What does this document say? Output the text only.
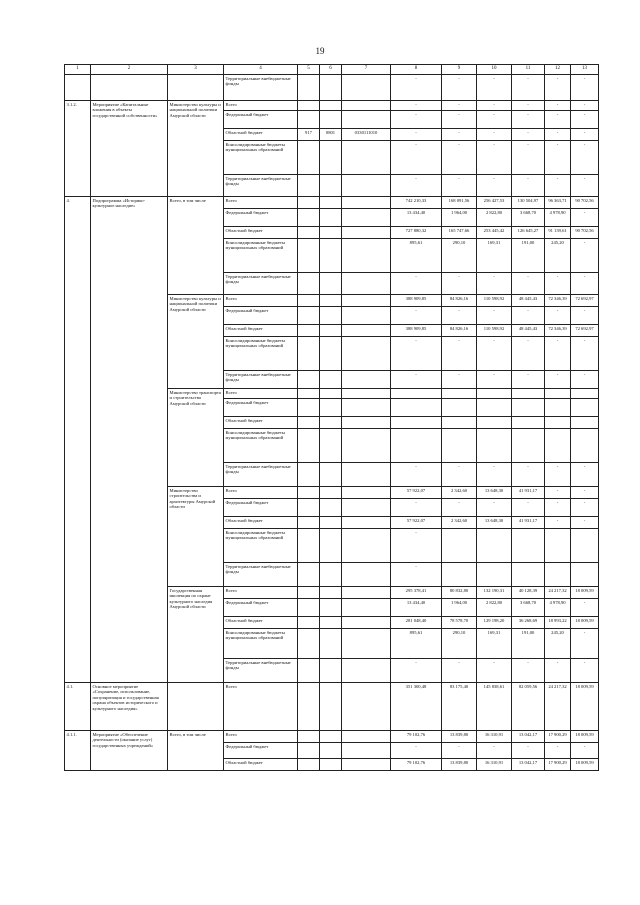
19
1	2	3	4	5	6	7	8	9	10	11	12	13
			Территориальные внебюджетные фонды				-	-	-	-	-	-
3.1.2.	Мероприятие «Капитальные вложения в объекты государственной собственности»	Министерство культуры и национальной политики Амурской области	Всего				-	-	-	-	-	-
			Федеральный бюджет				-	-	-	-	-	-
			Областной бюджет	917	0801	0330111010	-	-	-	-	-	-
			Консолидированные бюджеты муниципальных образований				-	-	-	-	-	-
			Территориальные внебюджетные фонды				-	-	-	-	-	-
4.	Подпрограмма «Историко-культурное наследие»	Всего, в том числе	Всего				742 210,33	168 091,56	256 427,53	130 504,97	96 363,71	90 702,56
			Федеральный бюджет				13 434,40	1 964,00	2 822,80	3 668,70	4 978,90	-
			Областной бюджет				727 880,32	165 747,66	253 445,42	126 645,27	91 139,61	90 702,56
			Консолидированные бюджеты муниципальных образований				895,61	290,10	169,31	191,00	245,20	-
			Территориальные внебюджетные фонды				-	-	-	-	-	-
		Министерство культуры и национальной политики Амурской области	Всего				388 909,85	84 826,16	110 598,92	48 445,43	72 346,39	72 692,97
			Федеральный бюджет				-	-	-	-	-	-
			Областной бюджет				388 909,85	84 826,16	110 598,92	48 445,43	72 346,39	72 692,97
			Консолидированные бюджеты муниципальных образований				-	-	-	-	-	-
			Территориальные внебюджетные фонды				-	-	-	-	-	-
		Министерство транспорта и строительства Амурской области	Всего									
			Федеральный бюджет									
			Областной бюджет									
			Консолидированные бюджеты муниципальных образований									
			Территориальные внебюджетные фонды				-	-	-	-	-	-
		Министерство строительства и архитектуры Амурской области	Всего				57 922,07	2 342,60	13 648,30	41 931,17	-	-
			Федеральный бюджет				-	-	-	-	-	-
			Областной бюджет				57 922,07	2 342,60	13 648,30	41 931,17	-	-
			Консолидированные бюджеты муниципальных образований				-					
			Территориальные внебюджетные фонды				-					
		Государственная инспекция по охране культурного наследия Амурской области	Всего				295 378,41	80 832,80	132 190,31	40 128,39	24 217,32	18 009,59
			Федеральный бюджет				13 434,40	1 964,00	2 822,80	3 668,70	4 978,90	-
			Областной бюджет				281 048,40	78 578,70	129 198,20	36 268,69	18 993,22	18 009,59
			Консолидированные бюджеты муниципальных образований				895,61	290,10	169,31	191,00	245,20	-
			Территориальные внебюджетные фонды				-	-	-	-	-	-
4.1.	Основное мероприятие «Сохранение, использование, популяризация и государственная охрана объектов исторического и культурного наследия»		Всего				351 300,48	83 175,40	145 838,61	82 059,56	24 217,32	18 009,59
4.1.1.	Мероприятие «Обеспечение деятельности (оказание услуг) государственных учреждений»	Всего, в том числе	Всего				79 102,76	13 839,80	16 310,91	13 042,17	17 900,29	18 009,59
			Федеральный бюджет				-	-	-	-	-	-
			Областной бюджет				79 102,76	13 839,80	16 310,91	13 042,17	17 900,29	18 009,59
